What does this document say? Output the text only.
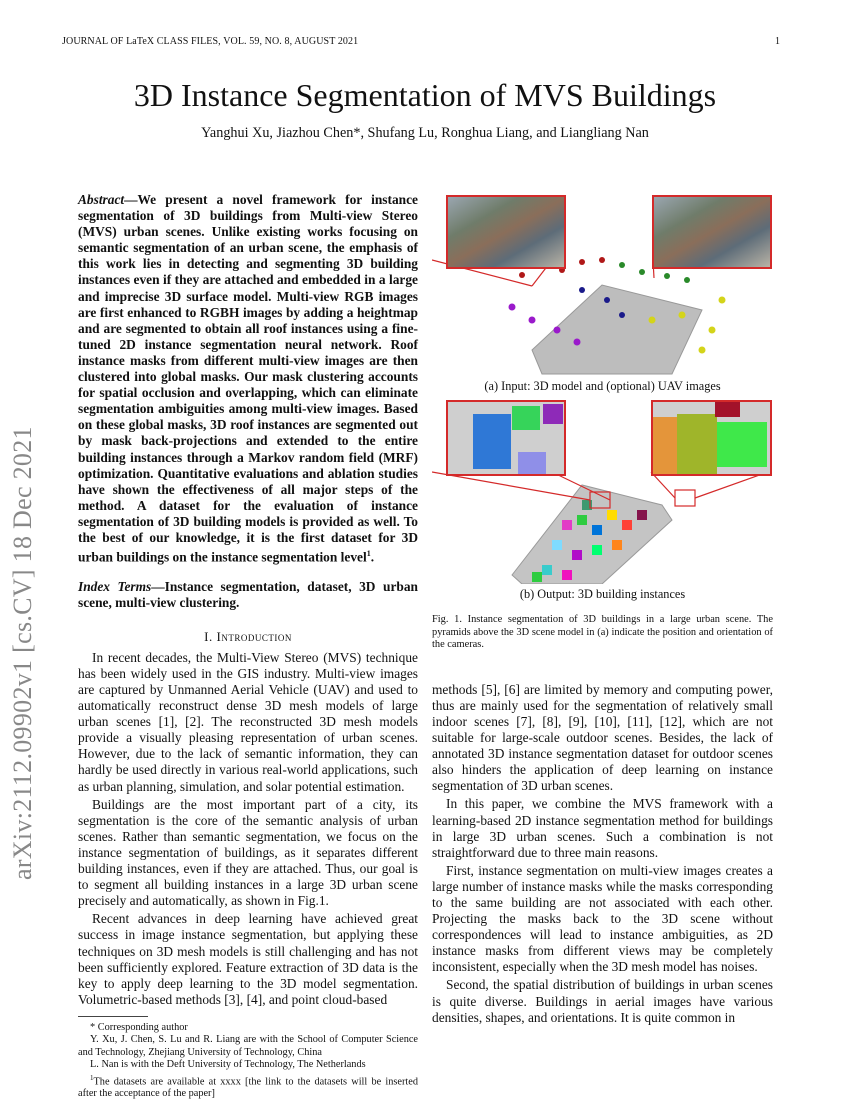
JOURNAL OF LaTeX CLASS FILES, VOL. 59, NO. 8, AUGUST 2021	1
arXiv:2112.09902v1 [cs.CV] 18 Dec 2021
3D Instance Segmentation of MVS Buildings
Yanghui Xu, Jiazhou Chen*, Shufang Lu, Ronghua Liang, and Liangliang Nan
Abstract—We present a novel framework for instance segmentation of 3D buildings from Multi-view Stereo (MVS) urban scenes. Unlike existing works focusing on semantic segmentation of an urban scene, the emphasis of this work lies in detecting and segmenting 3D building instances even if they are attached and embedded in a large and imprecise 3D surface model. Multi-view RGB images are first enhanced to RGBH images by adding a heightmap and are segmented to obtain all roof instances using a fine-tuned 2D instance segmentation neural network. Roof instance masks from different multi-view images are then clustered into global masks. Our mask clustering accounts for spatial occlusion and overlapping, which can eliminate segmentation ambiguities among multi-view images. Based on these global masks, 3D roof instances are segmented out by mask back-projections and extended to the entire building instances through a Markov random field (MRF) optimization. Quantitative evaluations and ablation studies have shown the effectiveness of all major steps of the method. A dataset for the evaluation of instance segmentation of 3D building models is provided as well. To the best of our knowledge, it is the first dataset for 3D urban buildings on the instance segmentation level$^1$.
Index Terms—Instance segmentation, dataset, 3D urban scene, multi-view clustering.
I. Introduction

In recent decades, the Multi-View Stereo (MVS) technique has been widely used in the GIS industry. Multi-view images are captured by Unmanned Aerial Vehicle (UAV) and used to automatically reconstruct dense 3D mesh models of large urban scenes [1], [2]. The reconstructed 3D mesh models provide a visually pleasing representation of urban scenes. However, due to the lack of semantic information, they can hardly be used directly in various real-world applications, such as urban planning, simulation, and solar potential estimation.

Buildings are the most important part of a city, its segmentation is the core of the semantic analysis of urban scenes. Rather than semantic segmentation, we focus on the instance segmentation of buildings, as it separates different building instances, even if they are attached. Thus, our goal is to segment all building instances in a large 3D urban scene precisely and automatically, as shown in Fig.1.

Recent advances in deep learning have achieved great success in image instance segmentation, but applying these techniques on 3D mesh models is still challenging and has not been sufficiently explored. Feature extraction of 3D data is the key to apply deep learning to the 3D model segmentation. Volumetric-based methods [3], [4], and point cloud-based

* Corresponding author
Y. Xu, J. Chen, S. Lu and R. Liang are with the School of Computer Science and Technology, Zhejiang University of Technology, China
L. Nan is with the Deft University of Technology, The Netherlands
$^1$The datasets are available at xxxx [the link to the datasets will be inserted after the acceptance of the paper]
(a) Input: 3D model and (optional) UAV images
(b) Output: 3D building instances
Fig. 1. Instance segmentation of 3D buildings in a large urban scene. The pyramids above the 3D scene model in (a) indicate the position and orientation of the cameras.

methods [5], [6] are limited by memory and computing power, thus are mainly used for the segmentation of relatively small indoor scenes [7], [8], [9], [10], [11], [12], which are not suitable for large-scale outdoor scenes. Besides, the lack of annotated 3D instance segmentation dataset for outdoor scenes also hinders the application of deep learning on instance segmentation of 3D urban scenes.

In this paper, we combine the MVS framework with a learning-based 2D instance segmentation method for buildings in large 3D urban scenes. Such a combination is not straightforward due to three main reasons.

First, instance segmentation on multi-view images creates a large number of instance masks while the masks corresponding to the same building are not associated with each other. Projecting the masks back to the 3D scene without correspondences will lead to instance ambiguities, as 2D instance masks from different views may be completely inconsistent, especially when the 3D mesh model has noises.

Second, the spatial distribution of buildings in urban scenes is quite diverse. Buildings in aerial images have various densities, shapes, and orientations. It is quite common in
